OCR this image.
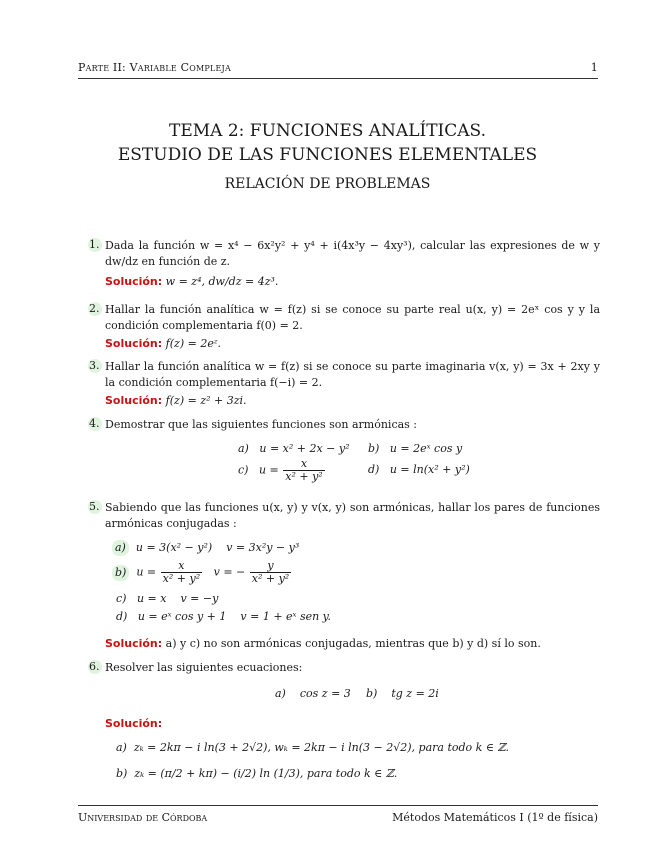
Parte II: Variable Compleja	1
TEMA 2: FUNCIONES ANALÍTICAS.
ESTUDIO DE LAS FUNCIONES ELEMENTALES
RELACIÓN DE PROBLEMAS
1. Dada la función w = x⁴ − 6x²y² + y⁴ + i(4x³y − 4xy³), calcular las expresiones de w y dw/dz en función de z.
Solución: w = z⁴, dw/dz = 4z³.
2. Hallar la función analítica w = f(z) si se conoce su parte real u(x, y) = 2eˣ cos y y la condición complementaria f(0) = 2.
Solución: f(z) = 2eᶻ.
3. Hallar la función analítica w = f(z) si se conoce su parte imaginaria v(x, y) = 3x + 2xy y la condición complementaria f(−i) = 2.
Solución: f(z) = z² + 3zi.
4. Demostrar que las siguientes funciones son armónicas :
a) u = x² + 2x − y² b) u = 2eˣ cos y
c) $u = \frac{x}{\text{x² + y²}}$	d) u = ln(x² + y²)
5. Sabiendo que las funciones u(x, y) y v(x, y) son armónicas, hallar los pares de funciones armónicas conjugadas :
a) u = 3(x² − y²) v = 3x²y − y³
b) $u = \frac{x}{\text{x² + y²}}$ v = − $\frac{y}{\text{x² + y²}}$
c) u = x v = −y
d) u = eˣ cos y + 1 v = 1 + eˣ sen y.
Solución: a) y c) no son armónicas conjugadas, mientras que b) y d) sí lo son.
6. Resolver las siguientes ecuaciones:
a) cos z = 3 b) tg z = 2i
Solución:
a) zₖ = 2kπ − i ln(3 + 2√2), wₖ = 2kπ − i ln(3 − 2√2), para todo k ∈ ℤ.
b) zₖ = (π/2 + kπ) − (i/2) ln (1/3), para todo k ∈ ℤ.
Universidad de Córdoba	Métodos Matemáticos I (1º de física)
